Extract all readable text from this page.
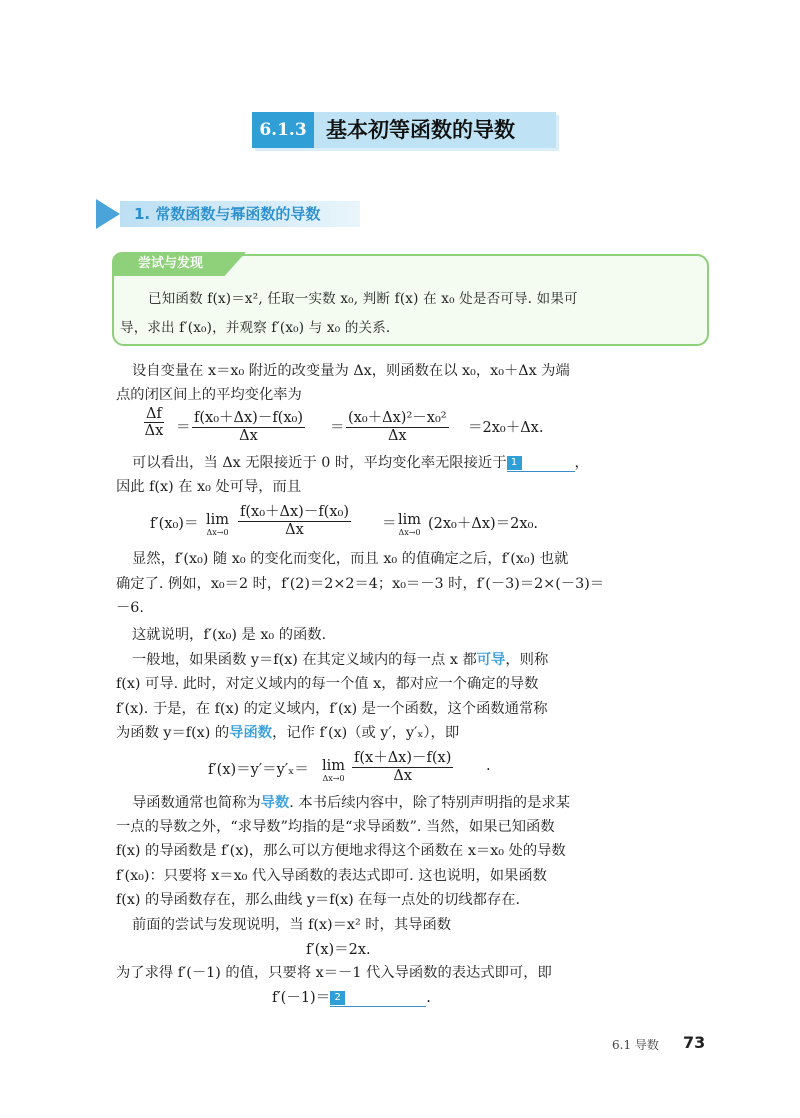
6.1.3 基本初等函数的导数
1. 常数函数与幂函数的导数
尝试与发现
已知函数 f(x)＝x², 任取一实数 x₀, 判断 f(x) 在 x₀ 处是否可导. 如果可
导，求出 f′(x₀)，并观察 f′(x₀) 与 x₀ 的关系.
设自变量在 x＝x₀ 附近的改变量为 Δx，则函数在以 x₀，x₀＋Δx 为端
点的闭区间上的平均变化率为
$\frac{\Delta f}{\Delta x} = \frac{\text{f(x₀＋Δx)－f(x₀)}}{\Delta x} = \frac{\text{(x₀＋Δx)²－x₀²}}{\Delta x} =2x_0+\Delta x$.
可以看出，当 Δx 无限接近于 0 时，平均变化率无限接近于 1	，
因此 f(x) 在 x₀ 处可导，而且
f′(x₀)＝ lim
$\Delta x\to 0 \frac{\text{f(x₀＋Δx)－f(x₀)}}{\Delta x} = \lim$
Δx→0
(2x₀＋Δx)＝2x₀.
显然，f′(x₀) 随 x₀ 的变化而变化，而且 x₀ 的值确定之后，f′(x₀) 也就
确定了. 例如，x₀＝2 时，f′(2)＝2×2＝4；x₀＝－3 时，f′(－3)＝2×(－3)＝
－6.
这就说明，f′(x₀) 是 x₀ 的函数.
一般地，如果函数 y＝f(x) 在其定义域内的每一点 x 都可导，则称
f(x) 可导. 此时，对定义域内的每一个值 x，都对应一个确定的导数
f′(x). 于是，在 f(x) 的定义域内，f′(x) 是一个函数，这个函数通常称
为函数 y＝f(x) 的导函数，记作 f′(x)（或 y′，y′ₓ），即
f′(x)＝y′＝y′ₓ＝ lim
$\Delta x\to 0 \frac{f(x+\Delta x)-f(x)}{\Delta x}$ .
导函数通常也简称为导数. 本书后续内容中，除了特别声明指的是求某
一点的导数之外，“求导数”均指的是“求导函数”. 当然，如果已知函数
f(x) 的导函数是 f′(x)，那么可以方便地求得这个函数在 x＝x₀ 处的导数
f′(x₀)：只要将 x＝x₀ 代入导函数的表达式即可. 这也说明，如果函数
f(x) 的导函数存在，那么曲线 y＝f(x) 在每一点处的切线都存在.
前面的尝试与发现说明，当 f(x)＝x² 时，其导函数
f′(x)＝2x.
为了求得 f′(－1) 的值，只要将 x＝－1 代入导函数的表达式即可，即
f′(－1)＝ 2	.
6.1 导数 73
